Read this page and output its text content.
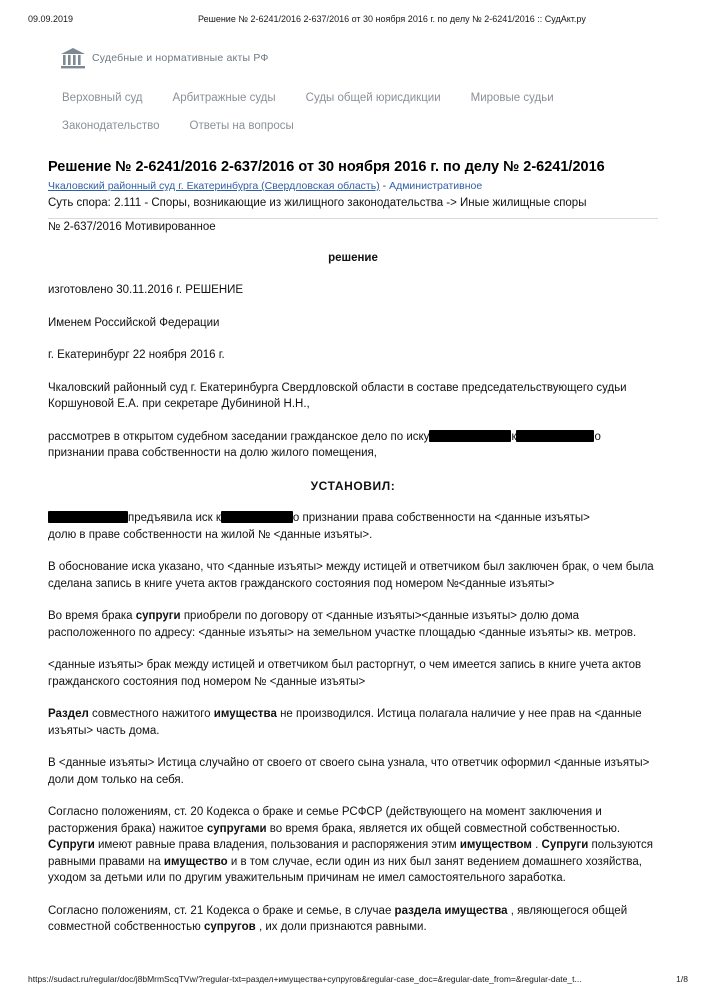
09.09.2019	Решение № 2-6241/2016 2-637/2016 от 30 ноября 2016 г. по делу № 2-6241/2016 :: СудАкт.ру
Судебные и нормативные акты РФ
Верховный суд	Арбитражные суды	Суды общей юрисдикции	Мировые судьи
Законодательство	Ответы на вопросы
Решение № 2-6241/2016 2-637/2016 от 30 ноября 2016 г. по делу № 2-6241/2016
Чкаловский районный суд г. Екатеринбурга (Свердловская область) - Административное
Суть спора: 2.111 - Споры, возникающие из жилищного законодательства -> Иные жилищные споры

№ 2-637/2016 Мотивированное

решение

изготовлено 30.11.2016 г. РЕШЕНИЕ

Именем Российской Федерации

г. Екатеринбург 22 ноября 2016 г.

Чкаловский районный суд г. Екатеринбурга Свердловской области в составе председательствующего судьи Коршуновой Е.А. при секретаре Дубининой Н.Н.,

рассмотрев в открытом судебном заседании гражданское дело по иску	к	о
признании права собственности на долю жилого помещения,

УСТАНОВИЛ:

предъявила иск к	о признании права собственности на <данные изъяты>
долю в праве собственности на жилой № <данные изъяты>.

В обоснование иска указано, что <данные изъяты> между истицей и ответчиком был заключен брак, о чем была сделана запись в книге учета актов гражданского состояния под номером №<данные изъяты>

Во время брака супруги приобрели по договору от <данные изъяты><данные изъяты> долю дома расположенного по адресу: <данные изъяты> на земельном участке площадью <данные изъяты> кв. метров.

<данные изъяты> брак между истицей и ответчиком был расторгнут, о чем имеется запись в книге учета актов гражданского состояния под номером № <данные изъяты>

Раздел совместного нажитого имущества не производился. Истица полагала наличие у нее прав на <данные изъяты> часть дома.

В <данные изъяты> Истица случайно от своего от своего сына узнала, что ответчик оформил <данные изъяты> доли дом только на себя.

Согласно положениям, ст. 20 Кодекса о браке и семье РСФСР (действующего на момент заключения и расторжения брака) нажитое супругами во время брака, является их общей совместной собственностью. Супруги имеют равные права владения, пользования и распоряжения этим имуществом . Супруги пользуются равными правами на имущество и в том случае, если один из них был занят ведением домашнего хозяйства, уходом за детьми или по другим уважительным причинам не имел самостоятельного заработка.

Согласно положениям, ст. 21 Кодекса о браке и семье, в случае раздела имущества , являющегося общей совместной собственностью супругов , их доли признаются равными.

https://sudact.ru/regular/doc/j8bMrmScqTVw/?regular-txt=раздел+имущества+супругов&regular-case_doc=&regular-date_from=&regular-date_t...	1/8
